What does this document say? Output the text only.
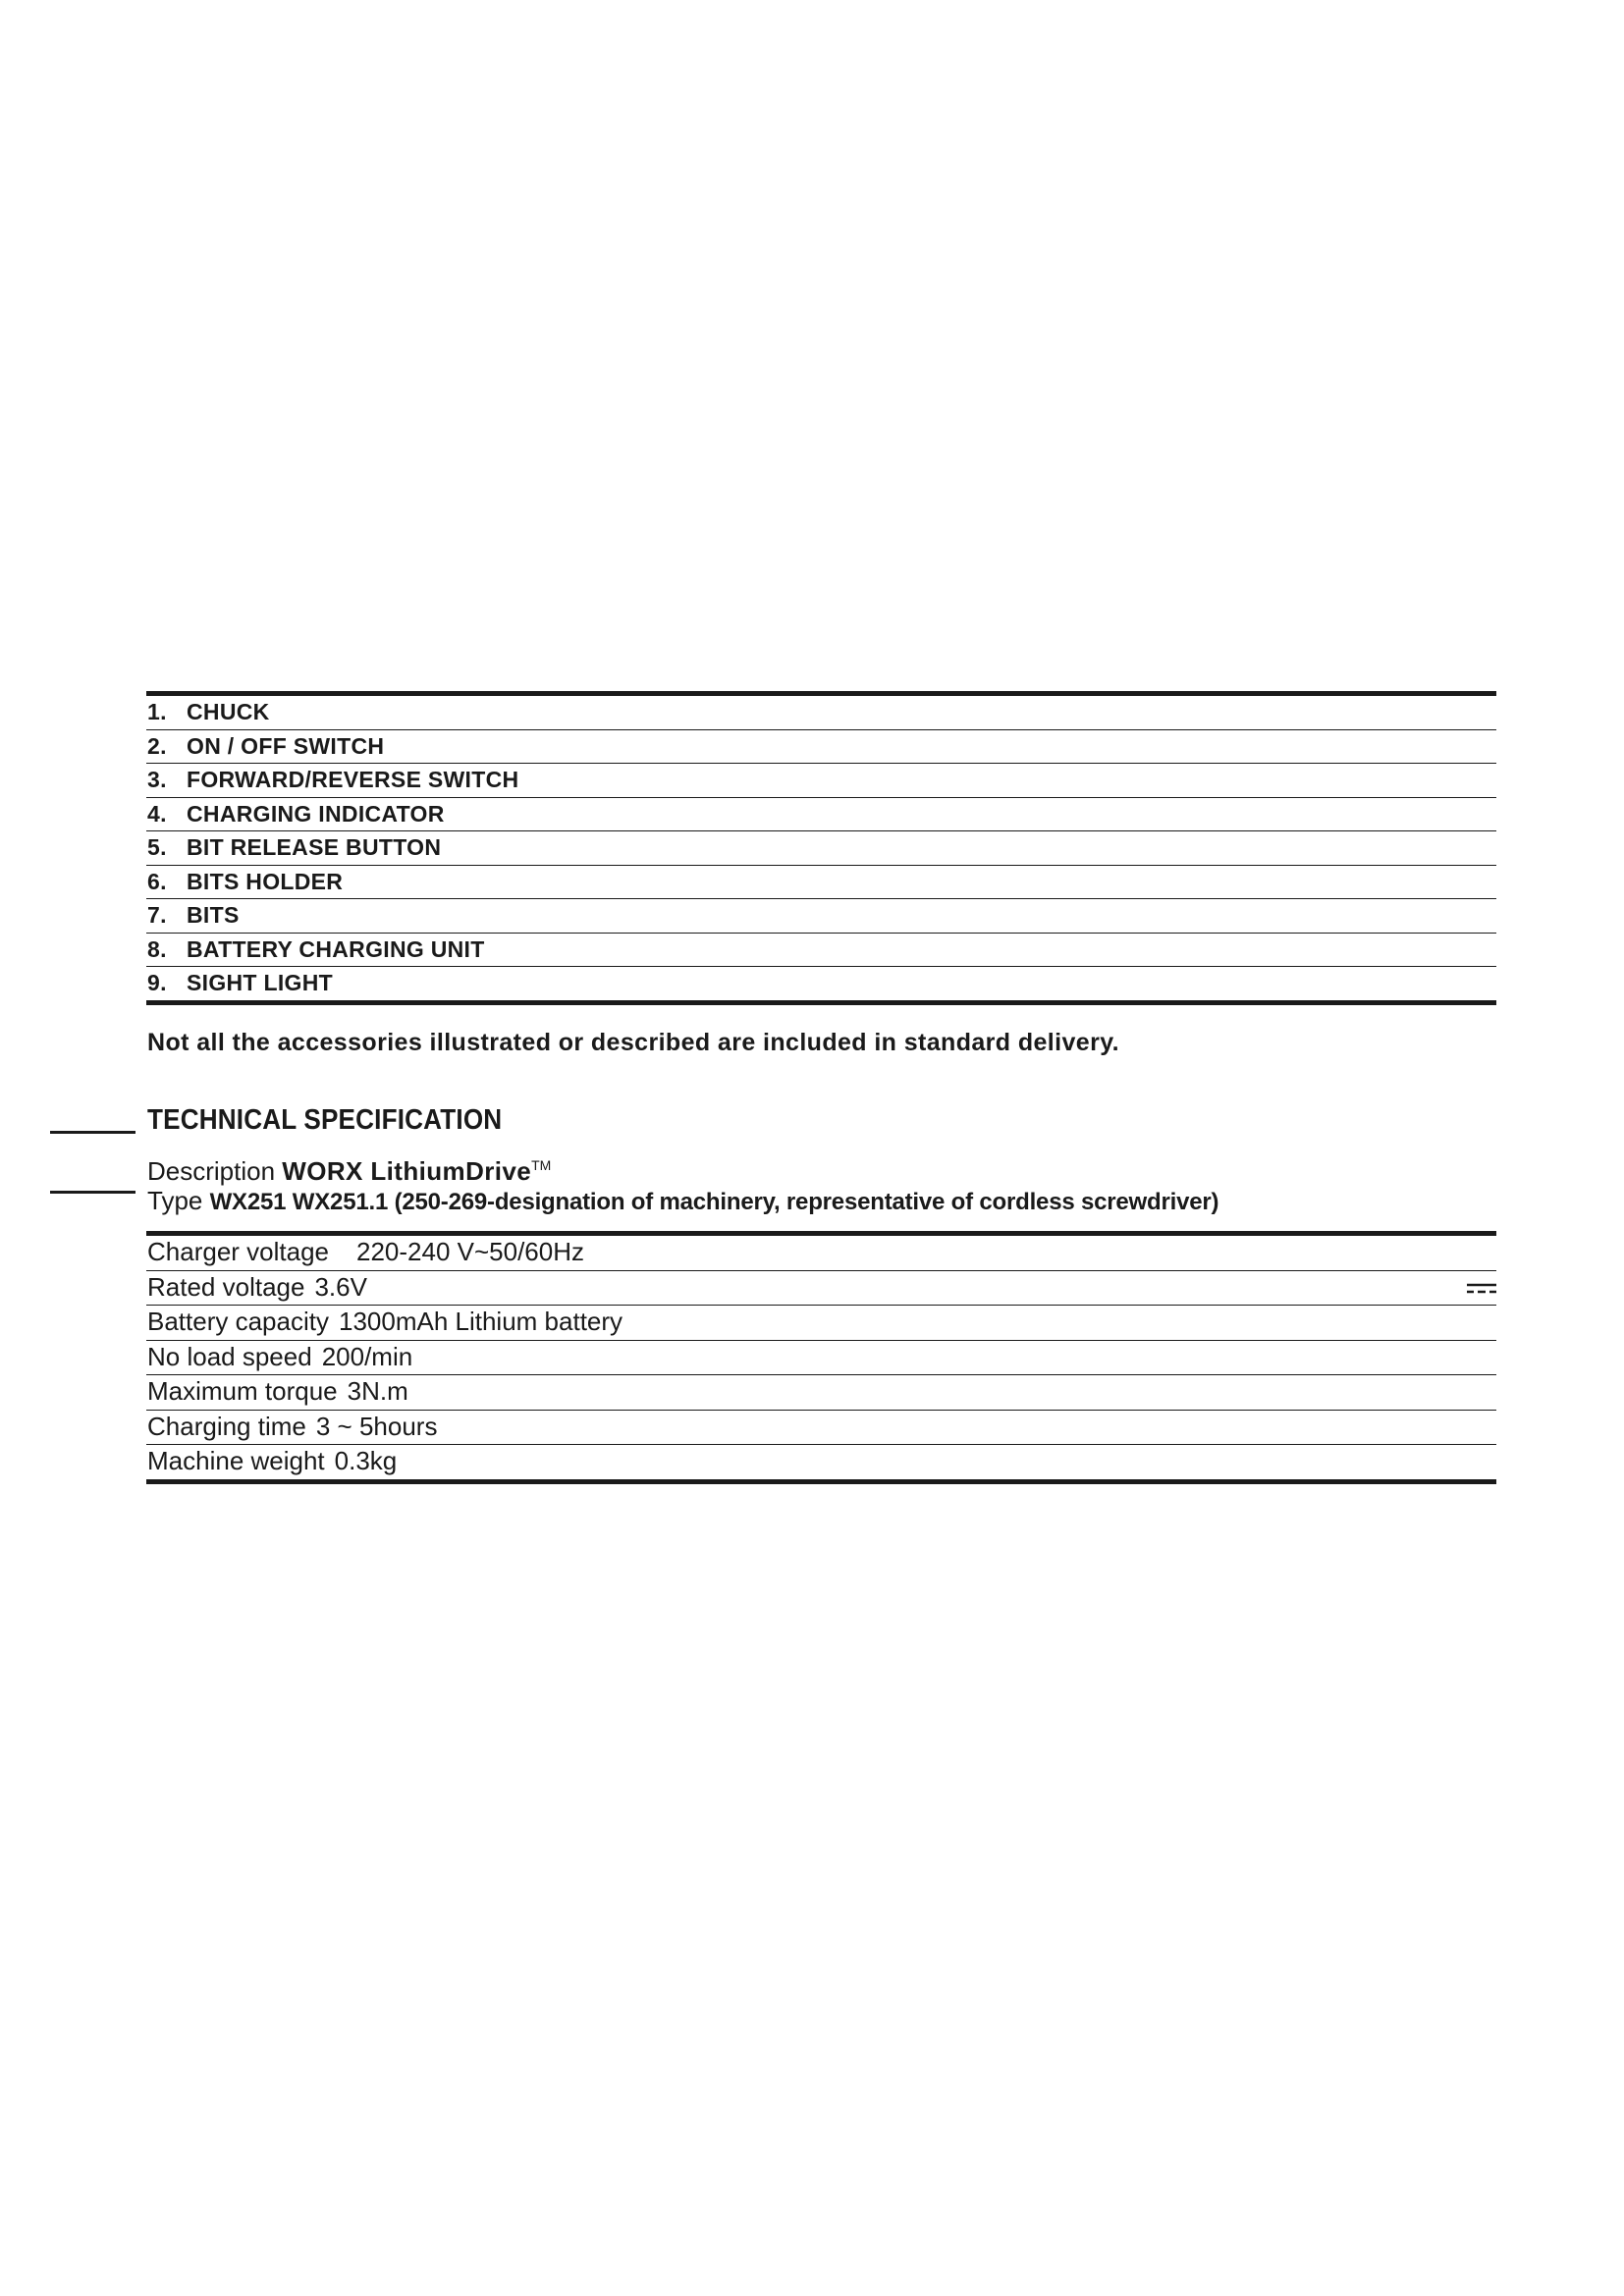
1. CHUCK
2. ON / OFF SWITCH
3. FORWARD/REVERSE SWITCH
4. CHARGING INDICATOR
5. BIT RELEASE BUTTON
6. BITS HOLDER
7. BITS
8. BATTERY CHARGING UNIT
9. SIGHT LIGHT
Not all the accessories illustrated or described are included in standard delivery.
TECHNICAL SPECIFICATION
Description WORX LithiumDrive™
Type WX251 WX251.1 (250-269-designation of machinery, representative of cordless screwdriver)
Charger voltage 220-240 V~50/60Hz
Rated voltage 3.6V
Battery capacity 1300mAh Lithium battery
No load speed 200/min
Maximum torque 3N.m
Charging time 3 ~ 5hours
Machine weight 0.3kg
